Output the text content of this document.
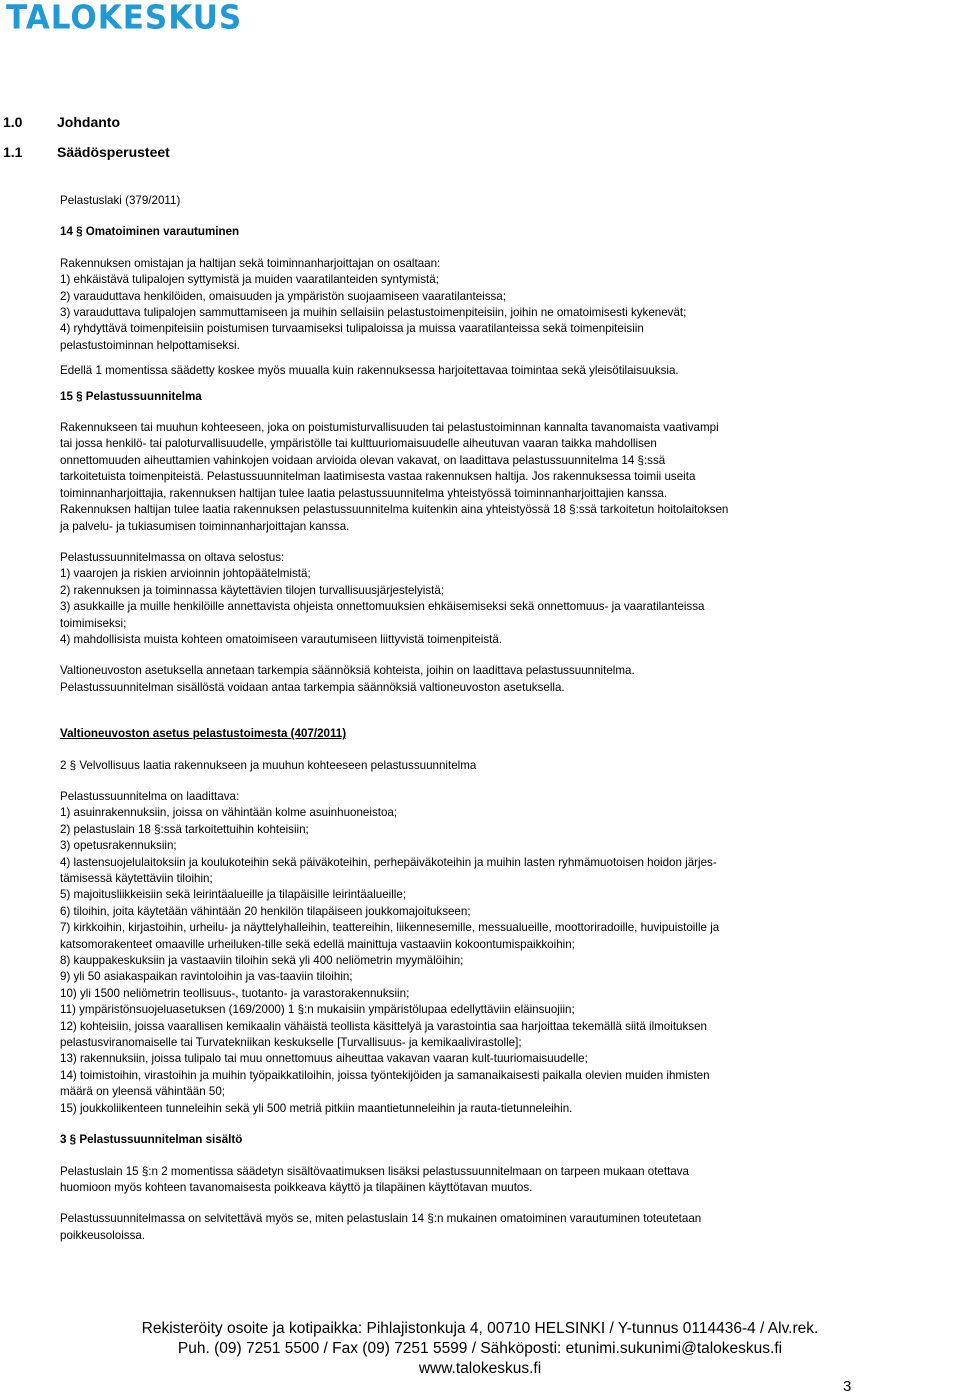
TALOKESKUS
1.0 Johdanto
1.1 Säädösperusteet

Pelastuslaki (379/2011)

14 § Omatoiminen varautuminen

Rakennuksen omistajan ja haltijan sekä toiminnanharjoittajan on osaltaan:

1) ehkäistävä tulipalojen syttymistä ja muiden vaaratilanteiden syntymistä;

2) varauduttava henkilöiden, omaisuuden ja ympäristön suojaamiseen vaaratilanteissa;

3) varauduttava tulipalojen sammuttamiseen ja muihin sellaisiin pelastustoimenpiteisiin, joihin ne omatoimisesti kykenevät;

4) ryhdyttävä toimenpiteisiin poistumisen turvaamiseksi tulipaloissa ja muissa vaaratilanteissa sekä toimenpiteisiin pelastustoiminnan helpottamiseksi.

Edellä 1 momentissa säädetty koskee myös muualla kuin rakennuksessa harjoitettavaa toimintaa sekä yleisötilaisuuksia.

15 § Pelastussuunnitelma

Rakennukseen tai muuhun kohteeseen, joka on poistumisturvallisuuden tai pelastustoiminnan kannalta tavanomaista vaativampi tai jossa henkilö- tai paloturvallisuudelle, ympäristölle tai kulttuuriomaisuudelle aiheutuvan vaaran taikka mahdollisen onnettomuuden aiheuttamien vahinkojen voidaan arvioida olevan vakavat, on laadittava pelastussuunnitelma 14 §:ssä tarkoitetuista toimenpiteistä. Pelastussuunnitelman laatimisesta vastaa rakennuksen haltija. Jos rakennuksessa toimii useita toiminnanharjoittajia, rakennuksen haltijan tulee laatia pelastussuunnitelma yhteistyössä toiminnanharjoittajien kanssa. Rakennuksen haltijan tulee laatia rakennuksen pelastussuunnitelma kuitenkin aina yhteistyössä 18 §:ssä tarkoitetun hoitolaitoksen ja palvelu- ja tukiasumisen toiminnanharjoittajan kanssa.

Pelastussuunnitelmassa on oltava selostus:

1) vaarojen ja riskien arvioinnin johtopäätelmistä;

2) rakennuksen ja toiminnassa käytettävien tilojen turvallisuusjärjestelyistä;

3) asukkaille ja muille henkilöille annettavista ohjeista onnettomuuksien ehkäisemiseksi sekä onnettomuus- ja vaaratilanteissa toimimiseksi;

4) mahdollisista muista kohteen omatoimiseen varautumiseen liittyvistä toimenpiteistä.

Valtioneuvoston asetuksella annetaan tarkempia säännöksiä kohteista, joihin on laadittava pelastussuunnitelma.

Pelastussuunnitelman sisällöstä voidaan antaa tarkempia säännöksiä valtioneuvoston asetuksella.

Valtioneuvoston asetus pelastustoimesta (407/2011)

2 § Velvollisuus laatia rakennukseen ja muuhun kohteeseen pelastussuunnitelma

Pelastussuunnitelma on laadittava:

1) asuinrakennuksiin, joissa on vähintään kolme asuinhuoneistoa;

2) pelastuslain 18 §:ssä tarkoitettuihin kohteisiin;

3) opetusrakennuksiin;

4) lastensuojelulaitoksiin ja koulukoteihin sekä päiväkoteihin, perhepäiväkoteihin ja muihin lasten ryhmämuotoisen hoidon järjes-tämisessä käytettäviin tiloihin;

5) majoitusliikkeisiin sekä leirintäalueille ja tilapäisille leirintäalueille;

6) tiloihin, joita käytetään vähintään 20 henkilön tilapäiseen joukkomajoitukseen;

7) kirkkoihin, kirjastoihin, urheilu- ja näyttelyhalleihin, teattereihin, liikennesemille, messualueille, moottoriradoille, huvipuistoille ja katsomorakenteet omaaville urheiluken-tille sekä edellä mainittuja vastaaviin kokoontumispaikkoihin;

8) kauppakeskuksiin ja vastaaviin tiloihin sekä yli 400 neliömetrin myymälöihin;

9) yli 50 asiakaspaikan ravintoloihin ja vas-taaviin tiloihin;

10) yli 1500 neliömetrin teollisuus-, tuotanto- ja varastorakennuksiin;

11) ympäristönsuojeluasetuksen (169/2000) 1 §:n mukaisiin ympäristölupaa edellyttäviin eläinsuojiin;

12) kohteisiin, joissa vaarallisen kemikaalin vähäistä teollista käsittelyä ja varastointia saa harjoittaa tekemällä siitä ilmoituksen pelastusviranomaiselle tai Turvatekniikan keskukselle [Turvallisuus- ja kemikaalivirastolle];

13) rakennuksiin, joissa tulipalo tai muu onnettomuus aiheuttaa vakavan vaaran kult-tuuriomaisuudelle;

14) toimistoihin, virastoihin ja muihin työpaikkatiloihin, joissa työntekijöiden ja samanaikaisesti paikalla olevien muiden ihmisten määrä on yleensä vähintään 50;

15) joukkoliikenteen tunneleihin sekä yli 500 metriä pitkiin maantietunneleihin ja rauta-tietunneleihin.

3 § Pelastussuunnitelman sisältö

Pelastuslain 15 §:n 2 momentissa säädetyn sisältövaatimuksen lisäksi pelastussuunnitelmaan on tarpeen mukaan otettava huomioon myös kohteen tavanomaisesta poikkeava käyttö ja tilapäinen käyttötavan muutos.

Pelastussuunnitelmassa on selvitettävä myös se, miten pelastuslain 14 §:n mukainen omatoiminen varautuminen toteutetaan poikkeusoloissa.

Rekisteröity osoite ja kotipaikka: Pihlajistonkuja 4, 00710 HELSINKI / Y-tunnus 0114436-4 / Alv.rek.
Puh. (09) 7251 5500 / Fax (09) 7251 5599 / Sähköposti: etunimi.sukunimi@talokeskus.fi
www.talokeskus.fi
3
